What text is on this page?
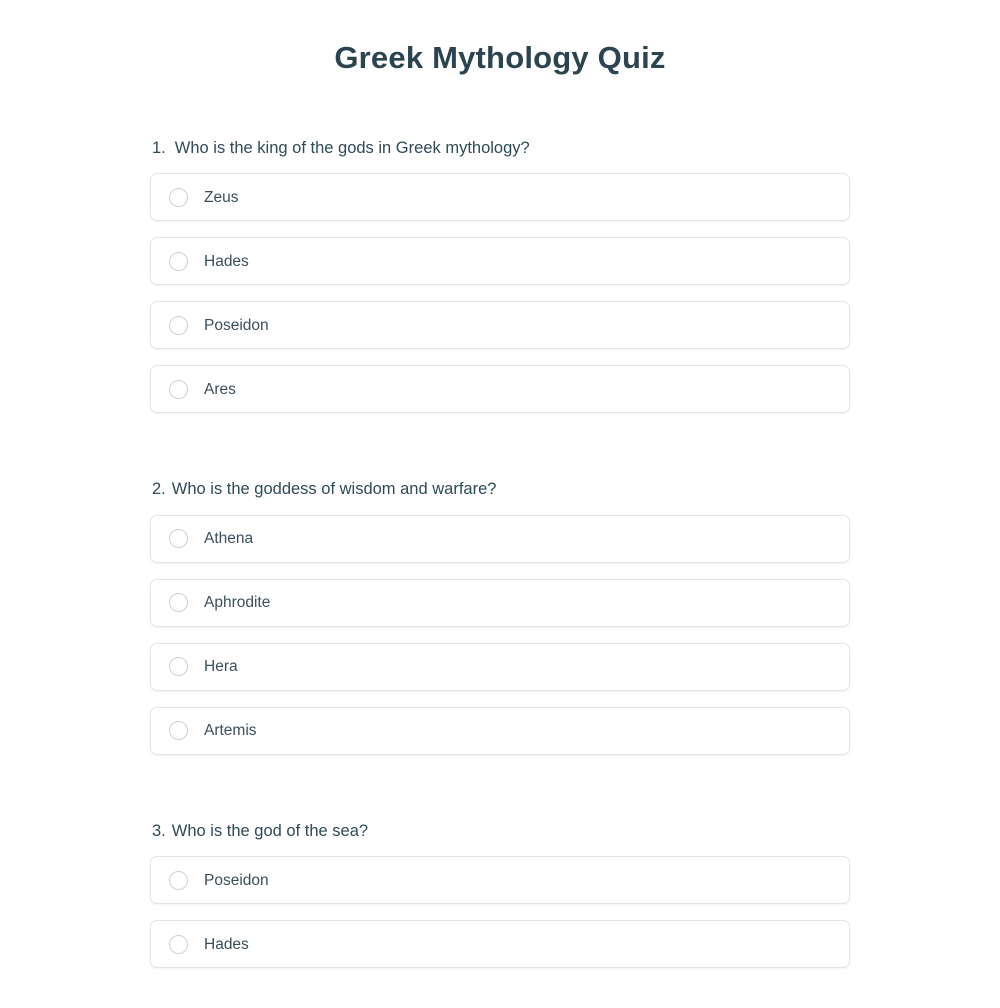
Greek Mythology Quiz
1. Who is the king of the gods in Greek mythology?
Zeus
Hades
Poseidon
Ares
2. Who is the goddess of wisdom and warfare?
Athena
Aphrodite
Hera
Artemis
3. Who is the god of the sea?
Poseidon
Hades
